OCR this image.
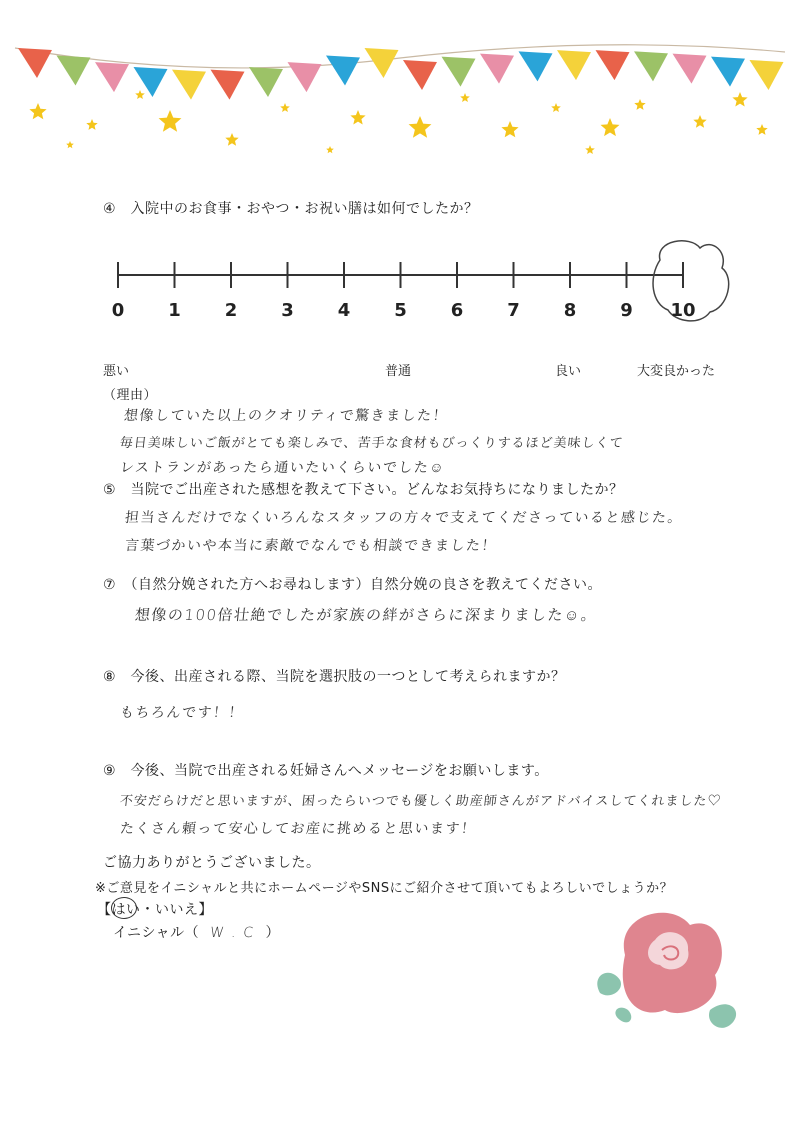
④　入院中のお食事・おやつ・お祝い膳は如何でしたか？
0	1	2	3	4	5	6	7	8	9	10
悪い	普通	良い	大変良かった
（理由）
想像していた以上のクオリティで驚きました！
毎日美味しいご飯がとても楽しみで、苦手な食材もびっくりするほど美味しくて
レストランがあったら通いたいくらいでした☺
⑤　当院でご出産された感想を教えて下さい。どんなお気持ちになりましたか？
担当さんだけでなくいろんなスタッフの方々で支えてくださっていると感じた。
言葉づかいや本当に素敵でなんでも相談できました！
⑦　（自然分娩された方へお尋ねします）自然分娩の良さを教えてください。
想像の100倍壮絶でしたが家族の絆がさらに深まりました☺。
⑧　今後、出産される際、当院を選択肢の一つとして考えられますか？
もちろんです！！
⑨　今後、当院で出産される妊婦さんへメッセージをお願いします。
不安だらけだと思いますが、困ったらいつでも優しく助産師さんがアドバイスしてくれました♡
たくさん頼って安心してお産に挑めると思います！
ご協力ありがとうございました。
※ご意見をイニシャルと共にホームページやSNSにご紹介させて頂いてもよろしいでしょうか？
【はい・いいえ】
イニシャル（ W . C ）
